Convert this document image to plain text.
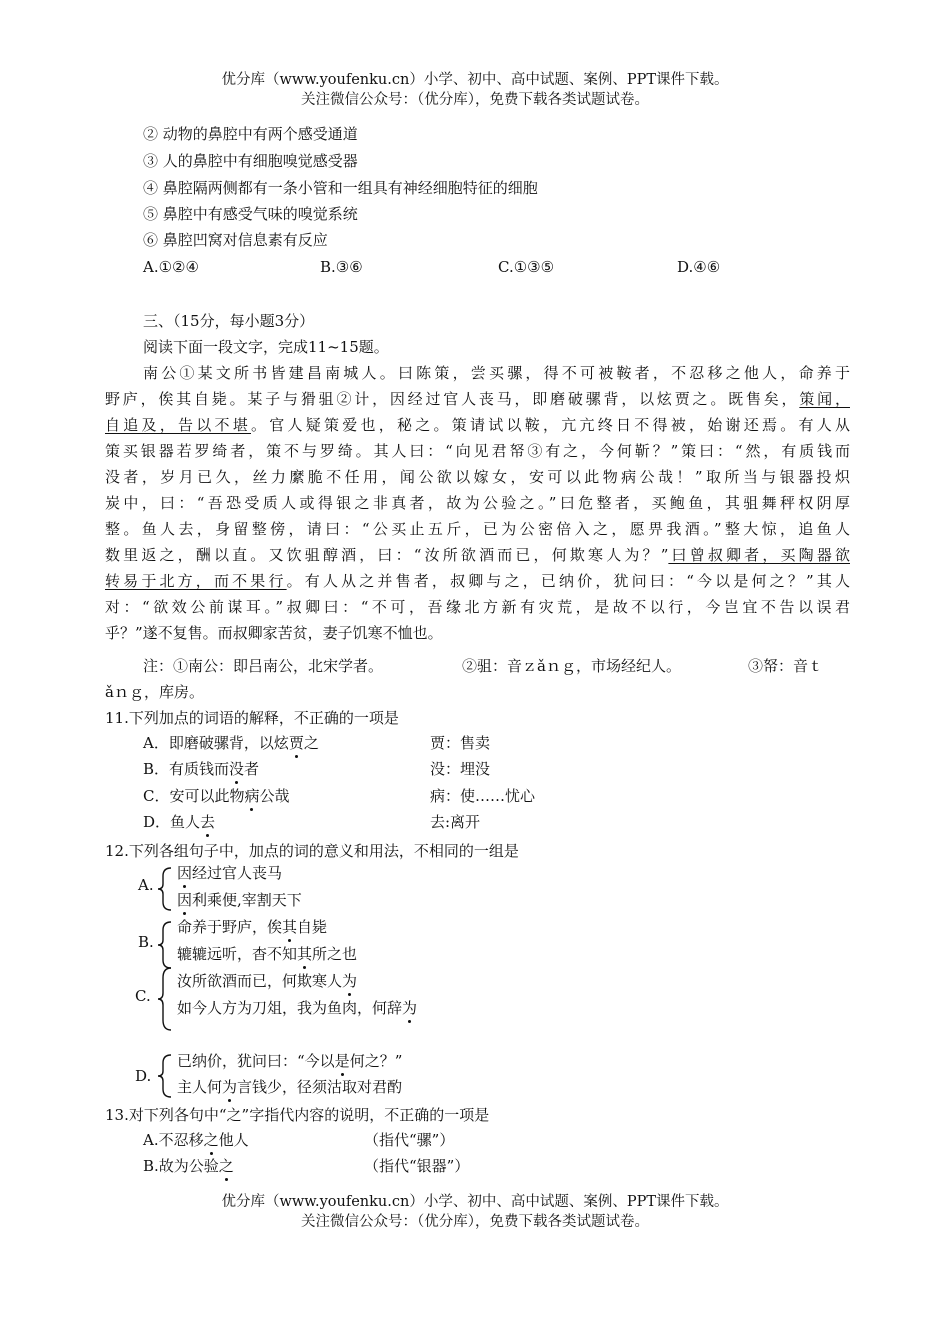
优分库（www.youfenku.cn）小学、初中、高中试题、案例、PPT课件下载。
关注微信公众号：（优分库），免费下载各类试题试卷。
② 动物的鼻腔中有两个感受通道
③ 人的鼻腔中有细胞嗅觉感受器
④ 鼻腔隔两侧都有一条小管和一组具有神经细胞特征的细胞
⑤ 鼻腔中有感受气味的嗅觉系统
⑥ 鼻腔凹窝对信息素有反应
A.①②④	B.③⑥	C.①③⑤	D.④⑥
三、（15分，每小题3分）
阅读下面一段文字，完成11~15题。
南公①某文所书皆建昌南城人。曰陈策，尝买骡，得不可被鞍者，不忍移之他人，命养于
野庐，俟其自毙。某子与猾驵②计，因经过官人丧马，即磨破骡背，以炫贾之。既售矣，策闻，
自追及，告以不堪。官人疑策爱也，秘之。策请试以鞍，亢亢终日不得被，始谢还焉。有人从
策买银器若罗绮者，策不与罗绮。其人曰：“向见君帑③有之，今何靳？”策曰：“然，有质钱而
没者，岁月已久，丝力縻脆不任用，闻公欲以嫁女，安可以此物病公哉！”取所当与银器投炽
炭中，曰：“吾恐受质人或得银之非真者，故为公验之。”曰危整者，买鲍鱼，其驵舞秤权阴厚
整。鱼人去，身留整傍，请曰：“公买止五斤，已为公密倍入之，愿畀我酒。”整大惊，追鱼人
数里返之，酬以直。又饮驵醇酒，曰：“汝所欲酒而已，何欺寒人为？”曰曾叔卿者，买陶器欲
转易于北方，而不果行。有人从之并售者，叔卿与之，已纳价，犹问曰：“今以是何之？”其人
对：“欲效公前谋耳。”叔卿曰：“不可，吾缘北方新有灾荒，是故不以行，今岂宜不告以误君
乎？”遂不复售。而叔卿家苦贫，妻子饥寒不恤也。
注：①南公：即吕南公，北宋学者。	②驵：音ｚǎｎｇ，市场经纪人。	③帑：音ｔ
ǎｎｇ，库房。
11.下列加点的词语的解释，不正确的一项是
A．即磨破骡背，以炫贾之	贾：售卖
B．有质钱而没者	没：埋没
C．安可以此物病公哉	病：使……忧心
D．鱼人去	去:离开
12.下列各组句子中，加点的词的意义和用法，不相同的一组是
A.
因经过官人丧马
因利乘便,宰割天下
B.
命养于野庐，俟其自毙
辘辘远听，杳不知其所之也
C.
汝所欲酒而已，何欺寒人为
如今人方为刀俎，我为鱼肉，何辞为
D.
已纳价，犹问曰：“今以是何之？”
主人何为言钱少，径须沽取对君酌
13.对下列各句中“之”字指代内容的说明，不正确的一项是
A.不忍移之他人	（指代“骡”）
B.故为公验之	（指代“银器”）
优分库（www.youfenku.cn）小学、初中、高中试题、案例、PPT课件下载。
关注微信公众号：（优分库），免费下载各类试题试卷。
